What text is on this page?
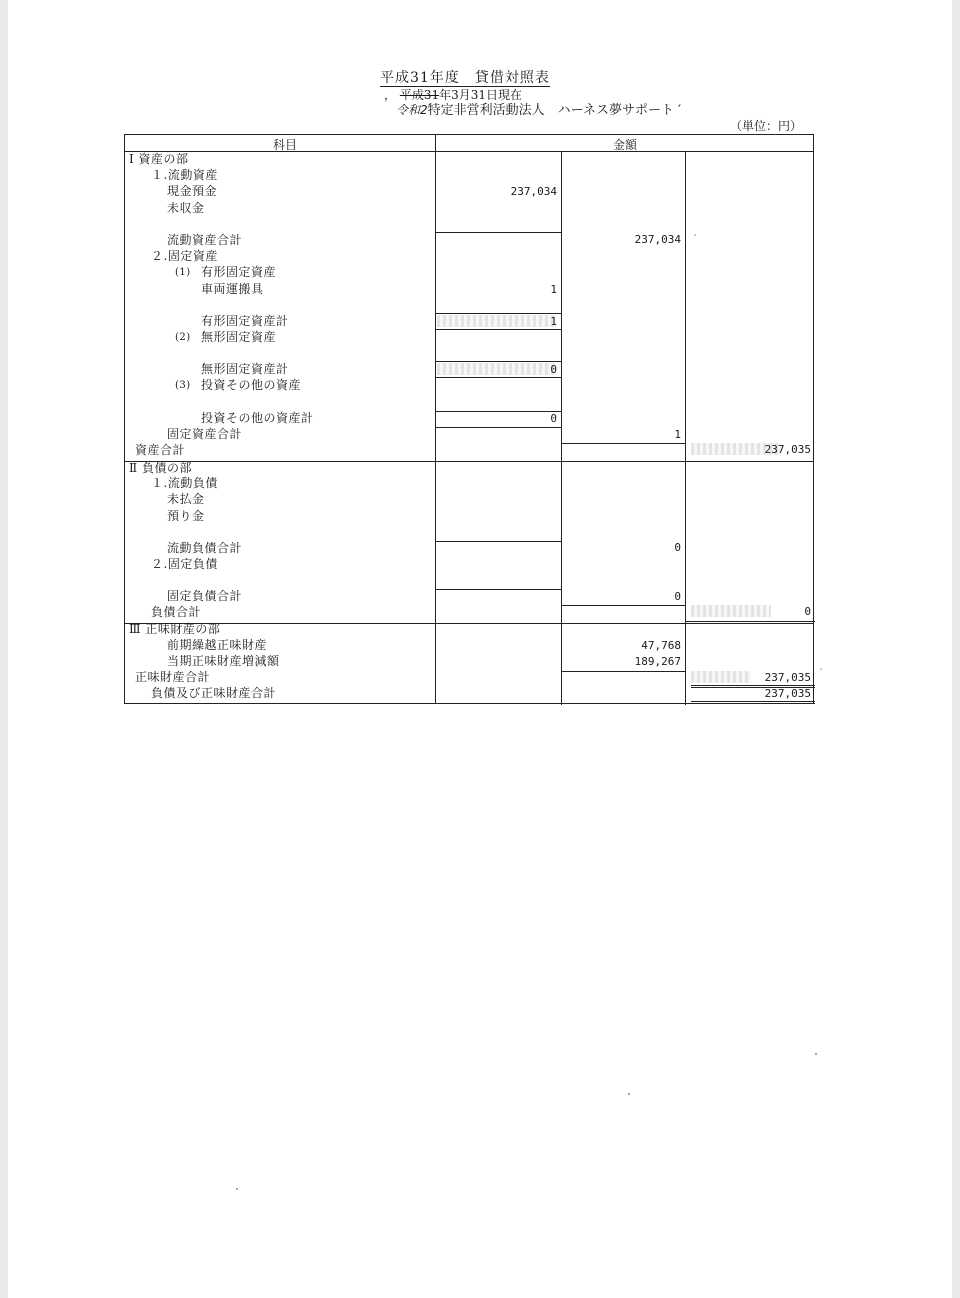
平成31年度　貸借対照表
， 平成31年3月31日現在
令和2特定非営利活動法人　ハーネス夢サポート ′
（単位：円）
科目	金額
Ⅰ 資産の部
１.流動資産
現金預金
未収金
流動資産合計
２.固定資産
(1) 有形固定資産
車両運搬具
有形固定資産計
(2) 無形固定資産
無形固定資産計
(3) 投資その他の資産
投資その他の資産計
固定資産合計
資産合計
Ⅱ 負債の部
１.流動負債
未払金
預り金
流動負債合計
２.固定負債
固定負債合計
負債合計
Ⅲ 正味財産の部
前期繰越正味財産
当期正味財産増減額
正味財産合計
負債及び正味財産合計
237,034
1
1
0
0
237,034
1
0
0
47,768
189,267
237,035
0
237,035
237,035
′
′
